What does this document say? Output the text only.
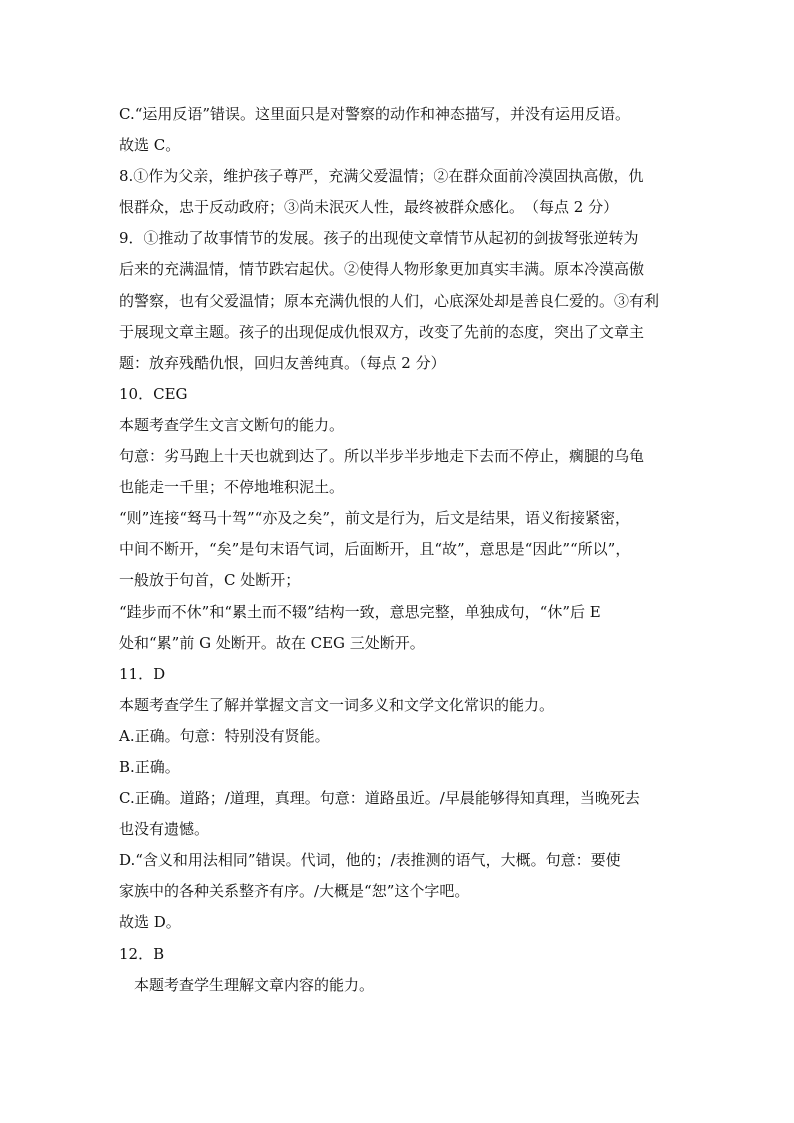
C.“运用反语”错误。这里面只是对警察的动作和神态描写，并没有运用反语。
故选 C。
8.①作为父亲，维护孩子尊严，充满父爱温情；②在群众面前冷漠固执高傲，仇
恨群众，忠于反动政府；③尚未泯灭人性，最终被群众感化。　（每点 2 分）
9．①推动了故事情节的发展。孩子的出现使文章情节从起初的剑拔弩张逆转为
后来的充满温情，情节跌宕起伏。②使得人物形象更加真实丰满。原本冷漠高傲
的警察，也有父爱温情；原本充满仇恨的人们，心底深处却是善良仁爱的。③有利
于展现文章主题。孩子的出现促成仇恨双方，改变了先前的态度，突出了文章主
题：放弃残酷仇恨，回归友善纯真。（每点 2 分）
10．CEG
本题考查学生文言文断句的能力。
句意：劣马跑上十天也就到达了。所以半步半步地走下去而不停止，瘸腿的乌龟
也能走一千里；不停地堆积泥土。
“则”连接“驽马十驾”“亦及之矣”，前文是行为，后文是结果，语义衔接紧密，
中间不断开，“矣”是句末语气词，后面断开，且“故”，意思是“因此”“所以”，
一般放于句首，C 处断开；
“跬步而不休”和“累土而不辍”结构一致，意思完整，单独成句，“休”后 E
处和“累”前 G 处断开。故在 CEG 三处断开。
11．D
本题考查学生了解并掌握文言文一词多义和文学文化常识的能力。
A.正确。句意：特别没有贤能。
B.正确。
C.正确。道路；/道理，真理。句意：道路虽近。/早晨能够得知真理，当晚死去
也没有遗憾。
D.“含义和用法相同”错误。代词，他的；/表推测的语气，大概。句意：要使
家族中的各种关系整齐有序。/大概是“恕”这个字吧。
故选 D。
12．B
　本题考查学生理解文章内容的能力。
